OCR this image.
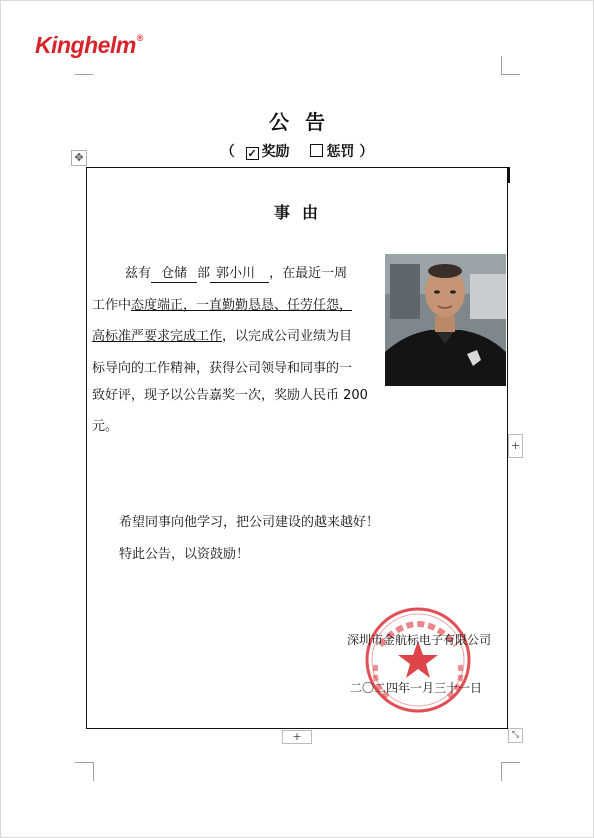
Kinghelm®
公告
（ ✓ 奖励	惩罚 ）
✥
+
+	⤡
事由
兹有 仓储 部 郭小川 ，在最近一周
工作中态度端正，一直勤勤恳恳、任劳任怨，
高标准严要求完成工作，以完成公司业绩为目
标导向的工作精神，获得公司领导和同事的一
致好评，现予以公告嘉奖一次，奖励人民币 200
元。
希望同事向他学习，把公司建设的越来越好！
特此公告，以资鼓励！
深圳市金航标电子有限公司
二〇二四年一月三十一日
